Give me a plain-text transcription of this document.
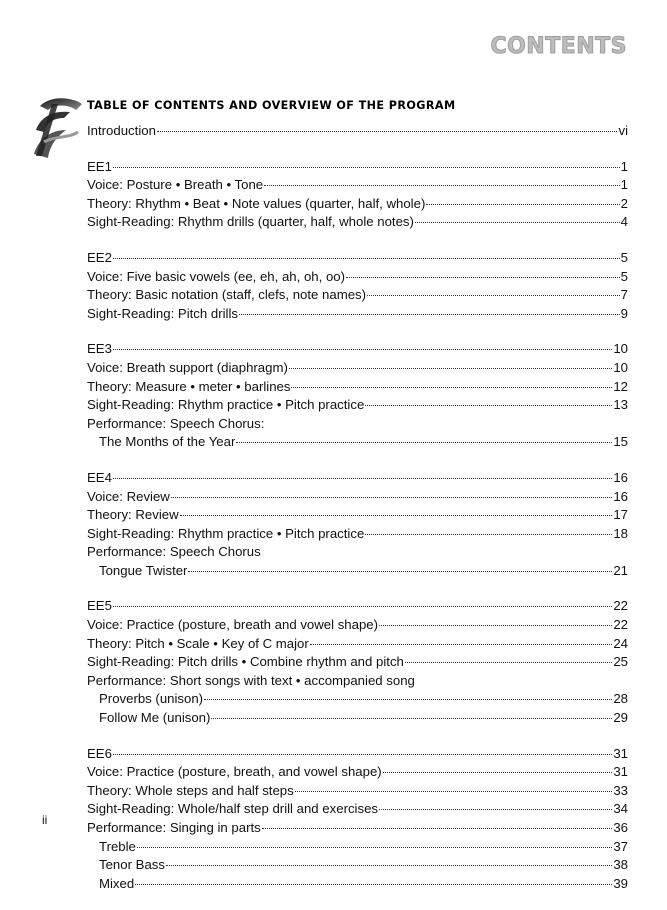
CONTENTS
TABLE OF CONTENTS AND OVERVIEW OF THE PROGRAM
Introduction	vi
EE1	1
Voice: Posture • Breath • Tone	1
Theory: Rhythm • Beat • Note values (quarter, half, whole)	2
Sight-Reading: Rhythm drills (quarter, half, whole notes)	4
EE2	5
Voice: Five basic vowels (ee, eh, ah, oh, oo)	5
Theory: Basic notation (staff, clefs, note names)	7
Sight-Reading: Pitch drills	9
EE3	10
Voice: Breath support (diaphragm)	10
Theory: Measure • meter • barlines	12
Sight-Reading: Rhythm practice • Pitch practice	13
Performance: Speech Chorus:
The Months of the Year	15
EE4	16
Voice: Review	16
Theory: Review	17
Sight-Reading: Rhythm practice • Pitch practice	18
Performance: Speech Chorus
Tongue Twister	21
EE5	22
Voice: Practice (posture, breath and vowel shape)	22
Theory: Pitch • Scale • Key of C major	24
Sight-Reading: Pitch drills • Combine rhythm and pitch	25
Performance: Short songs with text • accompanied song
Proverbs (unison)	28
Follow Me (unison)	29
EE6	31
Voice: Practice (posture, breath, and vowel shape)	31
Theory: Whole steps and half steps	33
Sight-Reading: Whole/half step drill and exercises	34
Performance: Singing in parts	36
Treble	37
Tenor Bass	38
Mixed	39

ii
